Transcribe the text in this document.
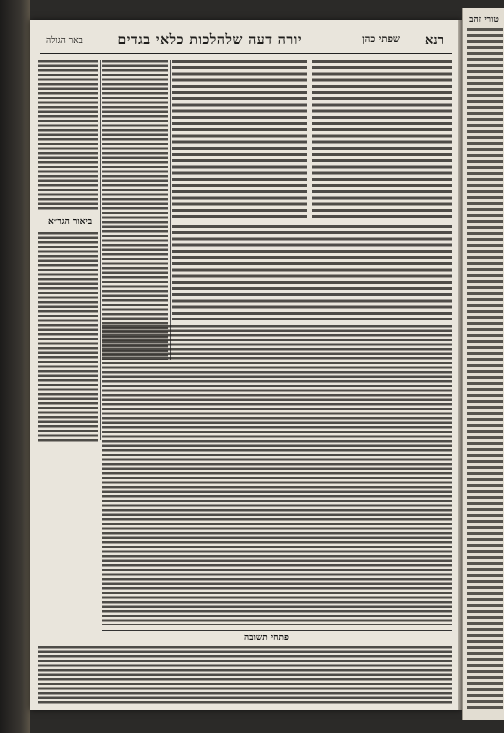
רנא
שפתי כהן
יורה דעה שלהלכות כלאי בגדים
באר הגולה
ביאור הגר״א
פתחי תשובה
טורי זהב
